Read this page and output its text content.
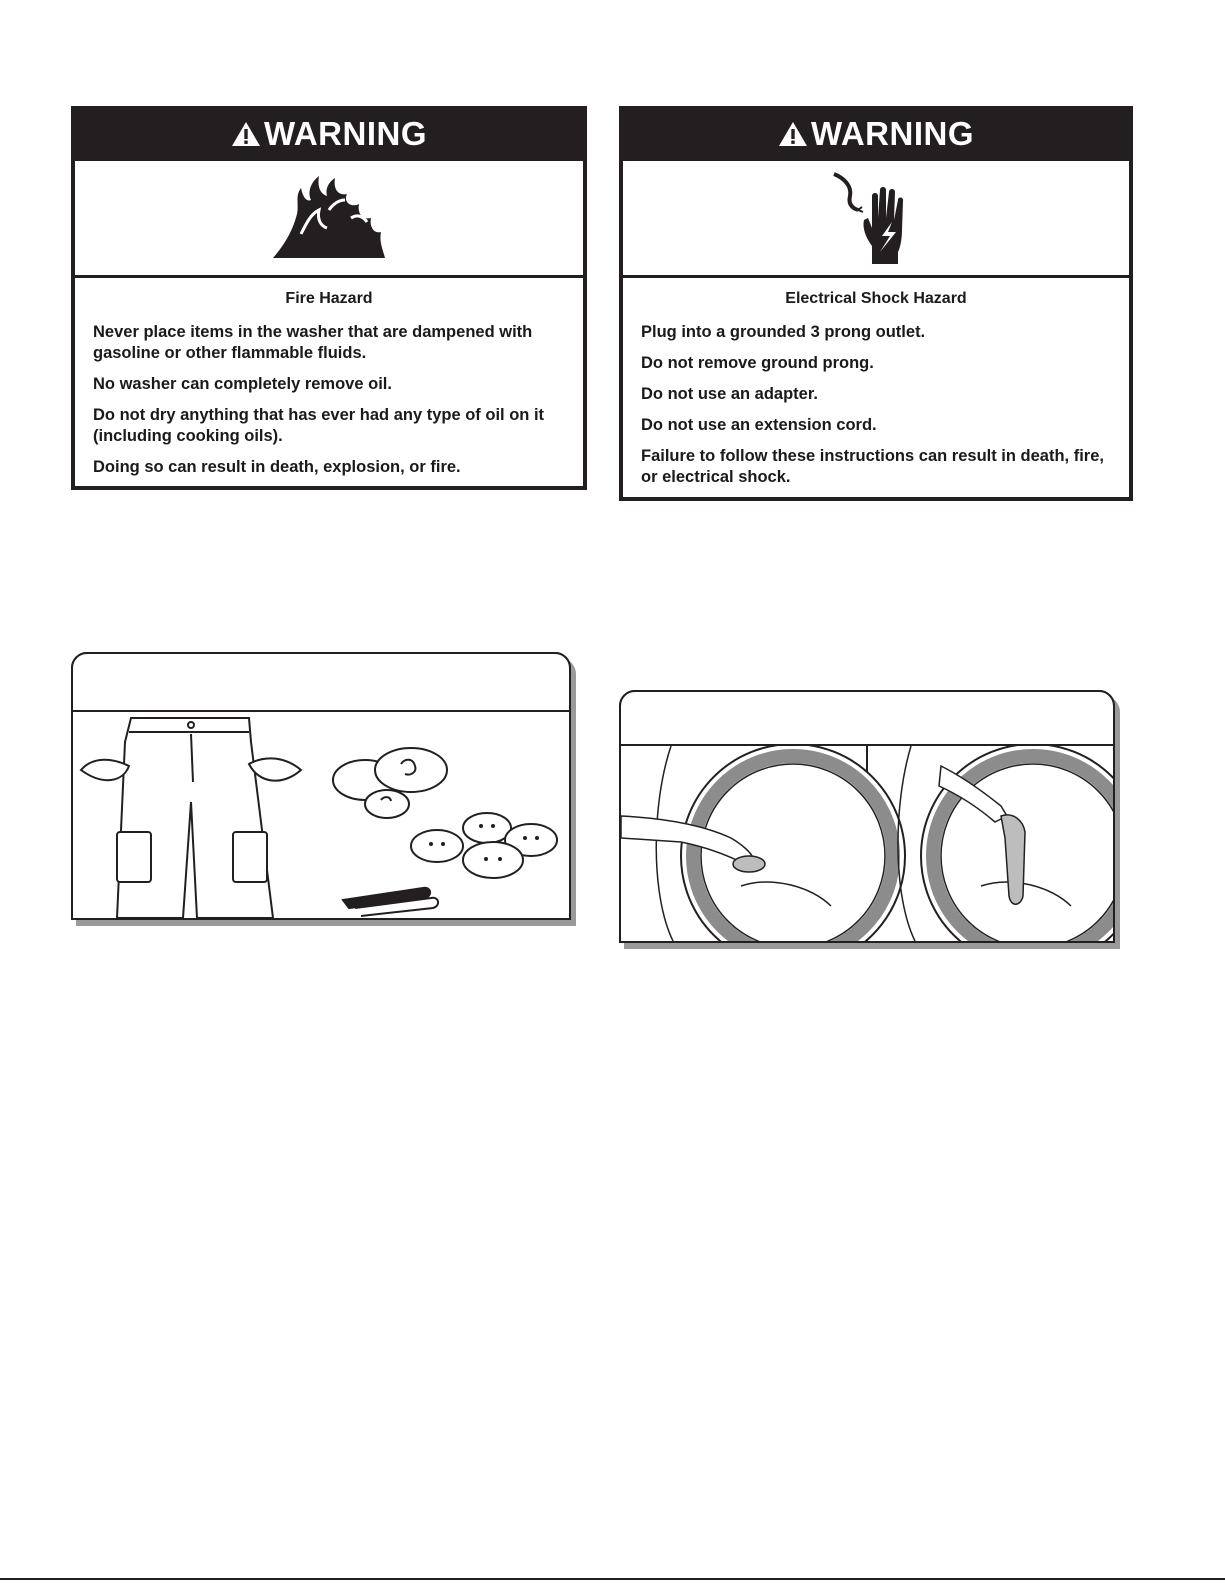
WARNING

Fire Hazard

Never place items in the washer that are dampened with gasoline or other flammable fluids.

No washer can completely remove oil.

Do not dry anything that has ever had any type of oil on it (including cooking oils).

Doing so can result in death, explosion, or fire.

WARNING

Electrical Shock Hazard

Plug into a grounded 3 prong outlet.

Do not remove ground prong.

Do not use an adapter.

Do not use an extension cord.

Failure to follow these instructions can result in death, fire, or electrical shock.
